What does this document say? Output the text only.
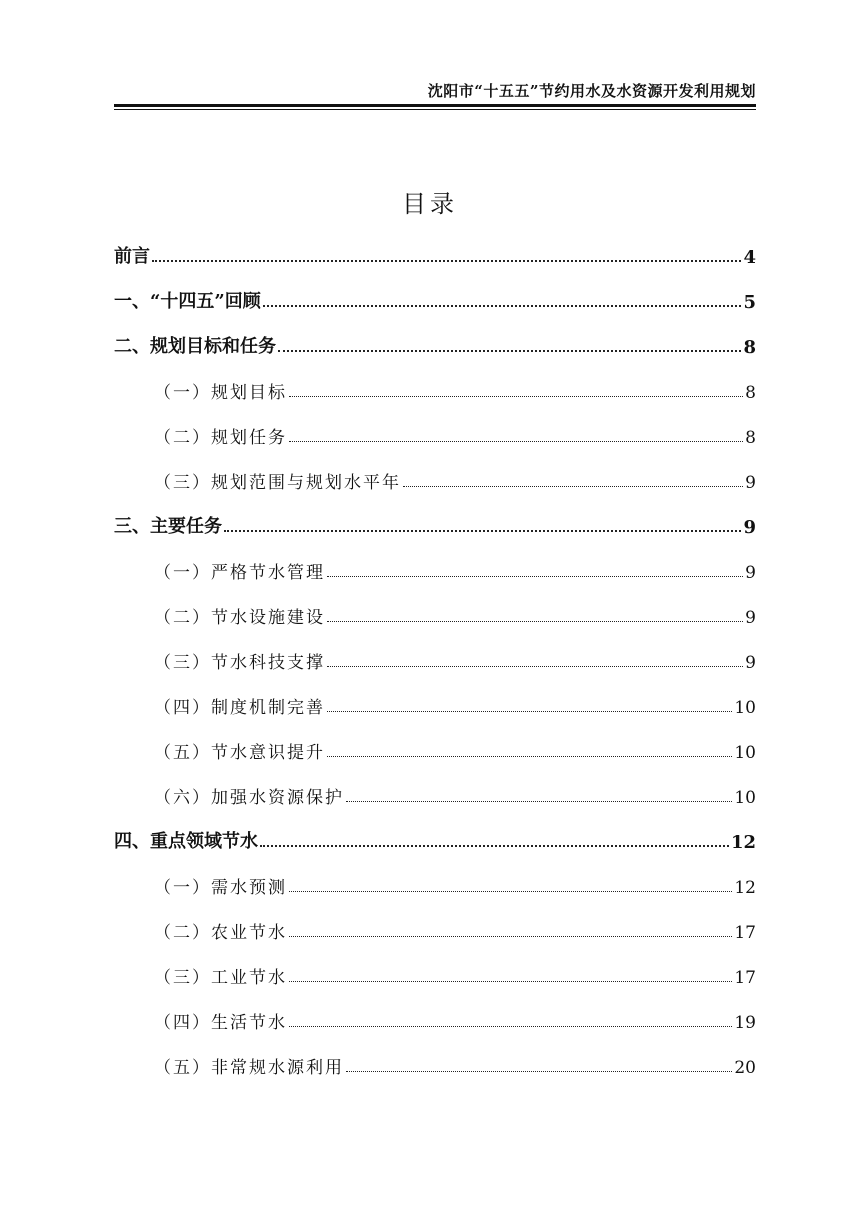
沈阳市“十五五”节约用水及水资源开发利用规划
目录
前言	4
一、“十四五”回顾	5
二、规划目标和任务	8
（一）规划目标	8
（二）规划任务	8
（三）规划范围与规划水平年	9
三、主要任务	9
（一）严格节水管理	9
（二）节水设施建设	9
（三）节水科技支撑	9
（四）制度机制完善	10
（五）节水意识提升	10
（六）加强水资源保护	10
四、重点领域节水	12
（一）需水预测	12
（二）农业节水	17
（三）工业节水	17
（四）生活节水	19
（五）非常规水源利用	20
